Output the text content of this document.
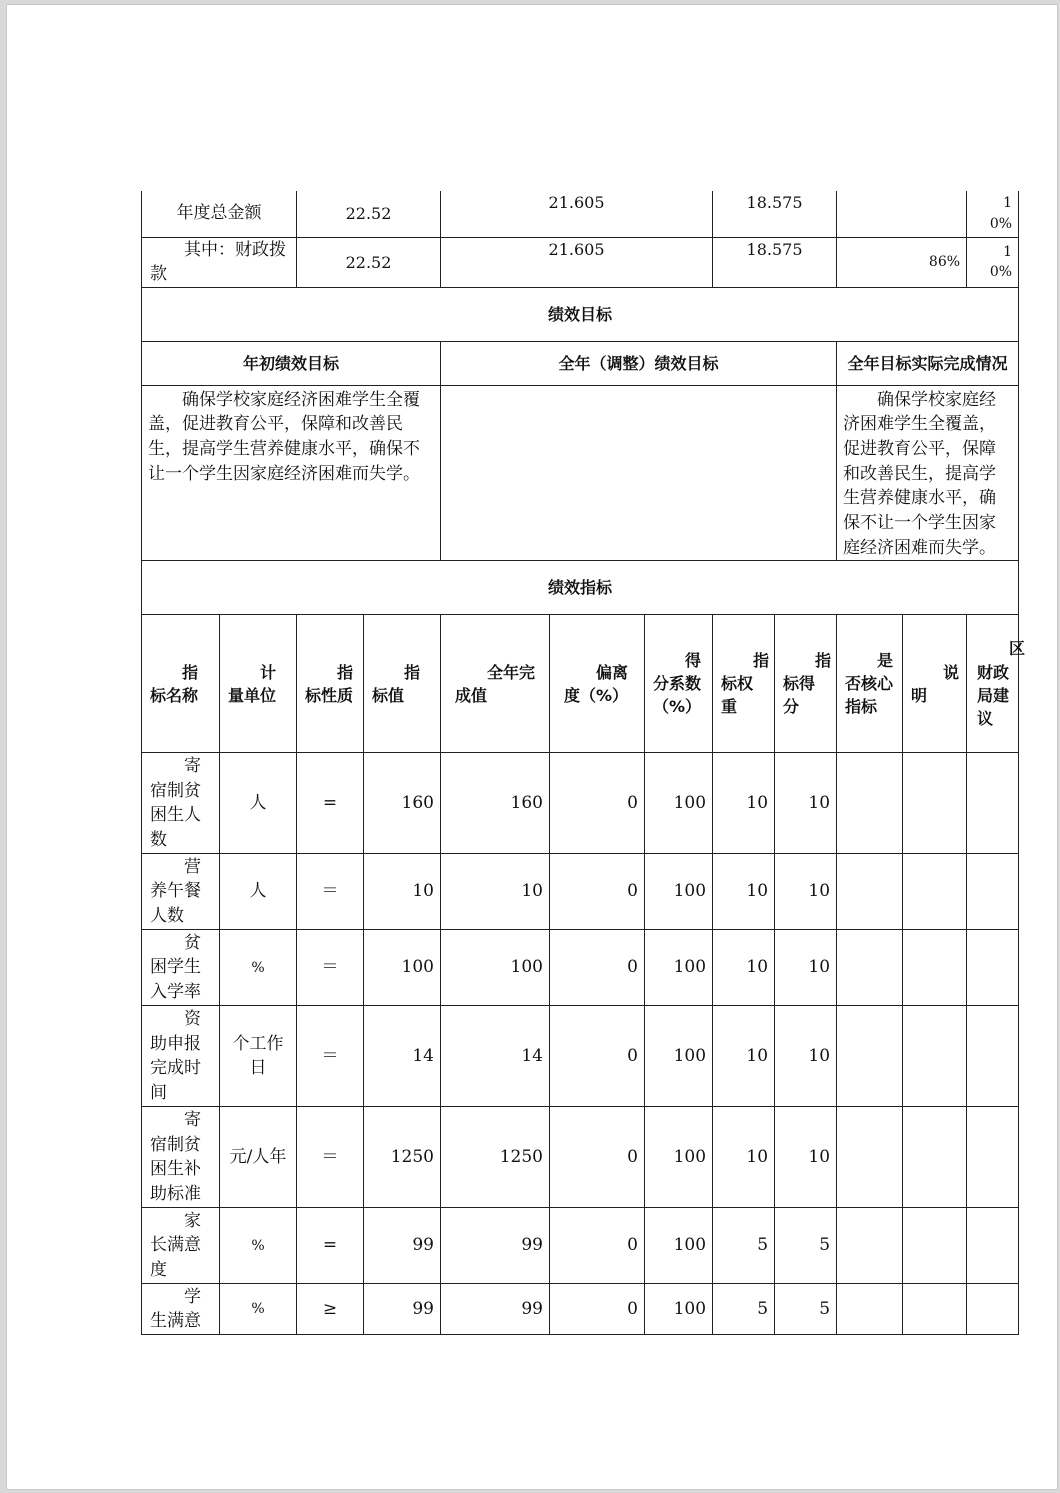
年度总金额		22.52		21.605			18.575				1
0%

其中：财政拨款		22.52		21.605			18.575		86%		1
0%

绩效目标											
年初绩效目标				全年（调整）绩效目标					全年目标实际完成情况		
确保学校家庭经济困难学生全覆盖，促进教育公平，保障和改善民生，提高学生营养健康水平，确保不让一个学生因家庭经济困难而失学。									确保学校家庭经济困难学生全覆盖，促进教育公平，保障和改善民生，提高学生营养健康水平，确保不让一个学生因家庭经济困难而失学。		
绩效指标											
指标名称	计量单位	指标性质	指标值	全年完成值	偏离度（%）	得分系数（%）	指标权重	指标得分	是否核心指标	说明	区财政局建议
寄宿制贫困生人数	人	=	160	160	0	100	10	10			
营养午餐人数	人	＝	10	10	0	100	10	10			
贫困学生入学率	%	＝	100	100	0	100	10	10			
资助申报完成时间	个工作日	＝	14	14	0	100	10	10			
寄宿制贫困生补助标准	元/人年	＝	1250	1250	0	100	10	10			
家长满意度	%	=	99	99	0	100	5	5			
学生满意	%	≥	99	99	0	100	5	5			
